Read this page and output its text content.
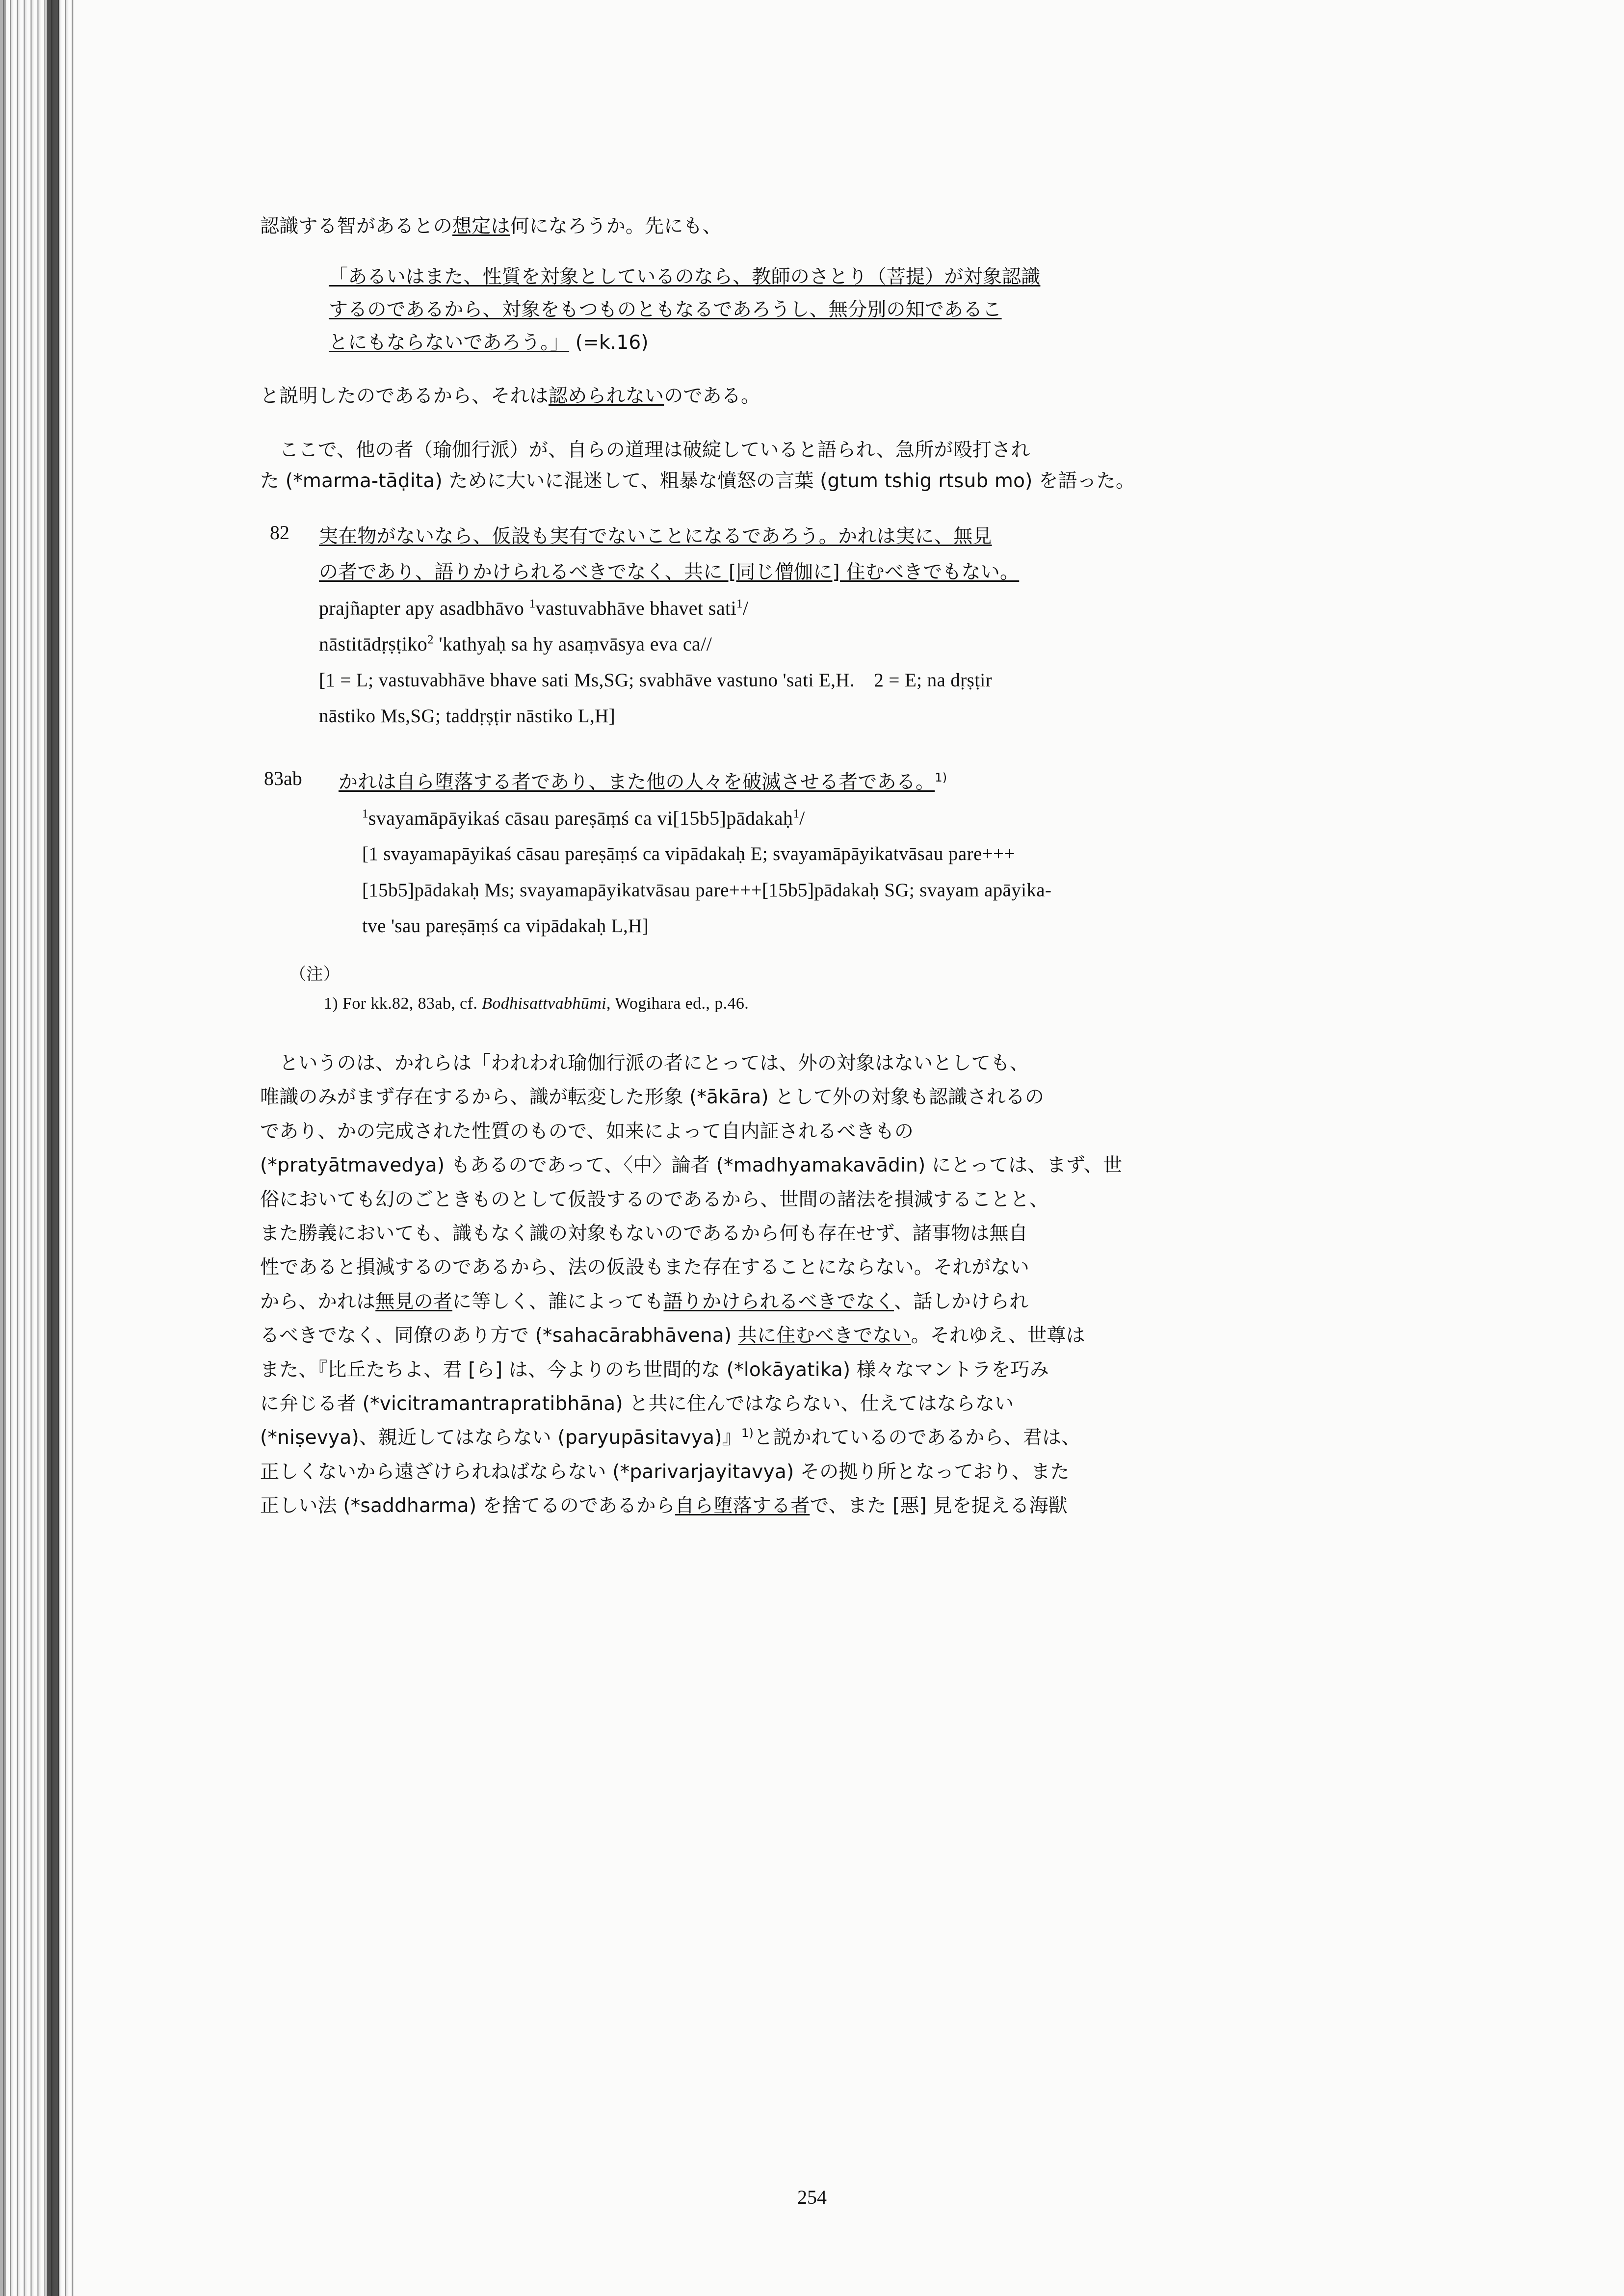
認識する智があるとの想定は何になろうか。先にも、

「あるいはまた、性質を対象としているのなら、教師のさとり（菩提）が対象認識

するのであるから、対象をもつものともなるであろうし、無分別の知であるこ

とにもならないであろう。」 (=k.16)

と説明したのであるから、それは認められないのである。

　ここで、他の者（瑜伽行派）が、自らの道理は破綻していると語られ、急所が殴打され

た (*marma-tāḍita) ために大いに混迷して、粗暴な憤怒の言葉 (gtum tshig rtsub mo) を語った。

82	実在物がないなら、仮設も実有でないことになるであろう。かれは実に、無見

の者であり、語りかけられるべきでなく、共に [同じ僧伽に] 住むべきでもない。

prajñapter apy asadbhāvo $^1$vastuvabhāve bhavet sati$^1$/

nāstitādṛṣṭiko$^2$ 'kathyaḥ sa hy asaṃvāsya eva ca//

[1 = L; vastuvabhāve bhave sati Ms,SG; svabhāve vastuno 'sati E,H.　2 = E; na dṛṣṭir

nāstiko Ms,SG; taddṛṣṭir nāstiko L,H]

83ab	かれは自ら堕落する者であり、また他の人々を破滅させる者である。$^{1)}$

$^1$svayamāpāyikaś cāsau pareṣāṃś ca vi[15b5]pādakaḥ$^1$/

[1 svayamapāyikaś cāsau pareṣāṃś ca vipādakaḥ E; svayamāpāyikatvāsau pare+++

[15b5]pādakaḥ Ms; svayamapāyikatvāsau pare+++[15b5]pādakaḥ SG; svayam apāyika-

tve 'sau pareṣāṃś ca vipādakaḥ L,H]

（注）

1) For kk.82, 83ab, cf. Bodhisattvabhūmi, Wogihara ed., p.46.

　というのは、かれらは「われわれ瑜伽行派の者にとっては、外の対象はないとしても、

唯識のみがまず存在するから、識が転変した形象 (*ākāra) として外の対象も認識されるの

であり、かの完成された性質のもので、如来によって自内証されるべきもの

(*pratyātmavedya) もあるのであって、〈中〉論者 (*madhyamakavādin) にとっては、まず、世

俗においても幻のごときものとして仮設するのであるから、世間の諸法を損減することと、

また勝義においても、識もなく識の対象もないのであるから何も存在せず、諸事物は無自

性であると損減するのであるから、法の仮設もまた存在することにならない。それがない

から、かれは無見の者に等しく、誰によっても語りかけられるべきでなく、話しかけられ

るべきでなく、同僚のあり方で (*sahacārabhāvena) 共に住むべきでない。それゆえ、世尊は

また、『比丘たちよ、君 [ら] は、今よりのち世間的な (*lokāyatika) 様々なマントラを巧み

に弁じる者 (*vicitramantrapratibhāna) と共に住んではならない、仕えてはならない

(*niṣevya)、親近してはならない (paryupāsitavya)』$^{1)}$と説かれているのであるから、君は、

正しくないから遠ざけられねばならない (*parivarjayitavya) その拠り所となっており、また

正しい法 (*saddharma) を捨てるのであるから自ら堕落する者で、また [悪] 見を捉える海獣

254
